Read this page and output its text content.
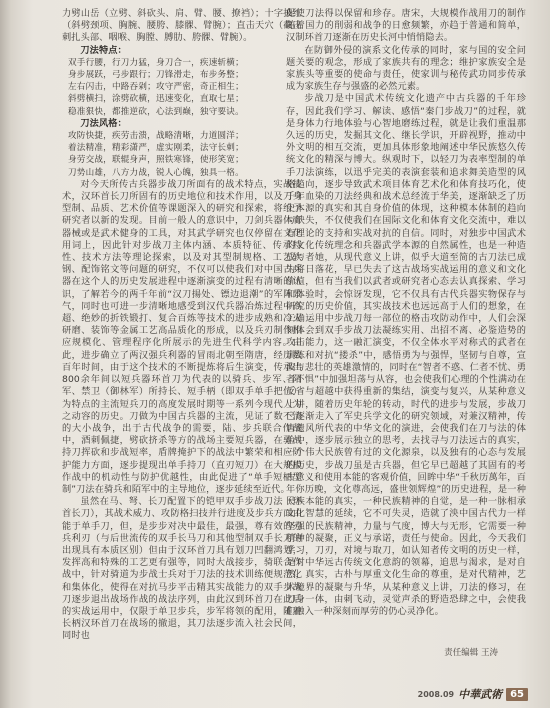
力劈山岳（立劈、斜砍头、肩、臂、腰、撩裆）；十字披红（斜劈颈项、胸腕、腰胯、膝髁、臂腕）；直击天穴（截击刺扎头部、咽喉、胸膛、膊肋、胯髁、臂腕）。

刀法特点：

双手行腰，行刀力猛，身刀合一，疾速斩横；
身步展跃，弓步跟行；刀锋滑走，布步务整；
左右闪击，中路吞剁；攻守严密，奇正相生；
斜劈横扫，涂劈砍横，迅速变化，直取七星；
稳准狠快，都推逆砍，心法到巅，独守要诀。

刀法风格：

攻防快捷，疾劳击溃，战略清晰，力道圆洋；
着法精准，精彩潇严，虚实刚柔，法守长刺；
身劳交战，联辊身声，照铁寒锋，使形笑宽；
刀势山雄，八方力战，锐人心魄，独具一格。

对今天所传古兵器步战刀所面有的战术特点，实战技术，汉环首长刀所固有的历史地位和技术作用，以及刀身型制、品质、艺术价值等课题深入的研究和探索，将给予研究者以新的发现。目前一般人的意识中，刀剑兵器体育器械或是武术健身的工具，对其武学研究也仅停留在文化用词上，因此针对步战刀主体内涵、本质特征、传承特性、技术方法等理论探索，以及对其型制规格、工艺软钢、配饰铭文等问题的研究，不仅可以使我们对中国古兵器在这个人的历史发展进程中逐渐演变的过程有清晰的认识，了解若今的两千年前“汉刀揚处、镖边退潮”的军阵景气，同时也可进一步清晰地感受到汉代兵器冶炼过程中高超、绝妙的折铁锻打、复合百炼等技术的进步成熟和冷火研磨、装饰等金属工艺高品质化的形成，以及兵刃制作相应规模化、管理程序化所展示的先进生代科学内容。由此，进步确立了两汉强兵利器的冒雨北朝至隋唐，经历数百年时间，由于这个技术的不断提炼将后生演变，传承出800余年间以短兵器环首刀为代表的以骑兵、步军、陌军、禁卫（御林军）所持长、短手柄（即双手单手把位）为特点的主流短兵刀的高度发展时期等一系列今现代人为之动容的历史。刀做为中国古兵器的主流，见证了数不清的大小战争，出于古代战争的需要，陆、步兵联合作战中，酒刺佩捷，劈砍挤杀等方的战场主要短兵器，在骑战持刀挥砍和步战短率，盾牌掩护下的战法中繁荣和相应防护能力方面，逐步提现出单手持刀（直刃短刀）在大规模作战中的机动性与防护优越性，由此促进了“单手短柄型制”刀法在骑兵和陌军中的主导地位，逐步延续至近代。

虽然在马、弩、长刀配置下的铠甲双手步战刀法（环首长刀），其战术威力、攻防格扫技并行进度及步兵方面由能于单手刀，但，是步步对决中最佳，最强，尊有效的刃兵利刃（与后世流传的双手长马刀和其他型制双手长刀的出现具有本质区别）但由于汉环首刀具有划刀凹翻鸿划，发挥高和特殊的工艺更有强等，同时大战接步，骑联合作战中，针对骑道为步战士兵对于刀法的技术训练便规范化和集体化，使得在对抗马步平击精其实战能力的双手步战刀逐步退出战场作战的战法序列，由此汉到环首刀在此后的实战运用中，仅限于单卫步兵，步军将领的配用，随着长柄汉环首刀在战场的撤退，其刀法逐步流入社会民间，同时也

促使刀法得以保留和珍存。唐宋，大规模作战用刀的制作随着国力的削弱和战争的日愈频繁，亦趋于普通和简单，汉制环首刀逐渐在历史长河中悄悄隐去。

在防御外侵的演系文化传承的同时，家与国的安全问题关要的观念，形成了家族共有的理念；维护家族安全是家族头等重要的使命与责任，使家训与秘传武功同步传承成为家族生存与强盛的必然元素。

步战刀是中国武术传统文化遗产中古兵器的千年珍存，因此我们学习、解读、感悟“秦门步战刀”的过程，就是身体力行地体验与心智地磨练过程，就是让我们重温那久远的历史，发掘其文化、继长学识，开辟视野，推动中外文明的相互交流，更加具体形象地阐述中华民族悠久传统文化的精深与博大。纵观时下，以轻刀为表率型制的单手刀法演练，以迅乎完美的表演套装和追求舞美造型的风格趋向，逐步导致武术项目体育艺术化和体育技巧化，使千年血染的刀法经典和战术总经流于华美，逐渐缺乏了历史本源的真实和其自身价值的体现，这种模本体制的趋向与缺失，不仅使我们在国际文化和体育文化交流中，难以有理论的支持和实战对抗的自信。同时，对独步中国武术的文化传统理念和兵器武学本源的自然属性，也是一种造成与者她，从现代意义上讲，似乎大道至简的古刀法已成为将日落花，早已失去了这古战场实战运用的意义和文化价值，但有当我们以武者或研究者心态去认真探索、学习和体验时，会惊讶发现，它不仅具有古代兵器实物保存与研究的历史价值，其实战技术也远远高于人们的想象，在工确运用中步战刀每一部位的格击攻防动作中，人们会深刻体会到双手步战刀法凝练实用、出招不离、必鉴造势的攻击能力，这一融汇演变，不仅全体水平对称式的武者在训练和对抗“搂杀”中，感悟勇为与强悍，坚韧与自尊，宣波与悲壮的英雄激情的，同时在“智者不惑、仁者不忧、勇者不惧”中加强坦荡与从容，也会使我们心理的个性满动在反省与超越中获得重新的集结，演变与复兴，从某种意义上讲，随着历史年轮的转动，时代的进步与发展，步战刀已逐渐走入了军史兵学文化的研究领域，对兼汉精神，传唐遗风所代表的中华文化的演进，会使我们在刀与法的体验中，逐步展示独立的思考，去找寻与刀法远古的真实，一个伟大民族曾有过的文化源泉，以及独有的心态与发展的历史，步战刀虽是古兵器，但它早已超越了其固有的考古意义和使用本能的客观价值，回眸中华“千秋历萬年，百年你历晚，文化尊高远，盛世领辉煌”的历史进程，是一种民族本能的真实，一种民族精神的自觉，是一种一脉相承文化智慧的延续，它不可失灵，造就了泱中国古代力一样坚强的民族精神，力量与气度，博大与无形，它需要一种精神的凝聚，正义与承诺，责任与使命。因此，今天我们学习，刀刃，对境与取刀，如认知者传文明的历史一样，是对中华远古传统文化意韵的领幕，追思与渴求，是对自然，真实，古朴与厚重文化生命的尊重，是对代精神，艺术境界的凝聚与升华，从某种意义上讲，刀法的修习，在刀身一体，由刺飞动，灵觉声杀的野造恐肆之中，会使我们融入一种深刻而厚劳的仍心灵净化。

责任编辑 王涛
2008.09 中華武術 65
